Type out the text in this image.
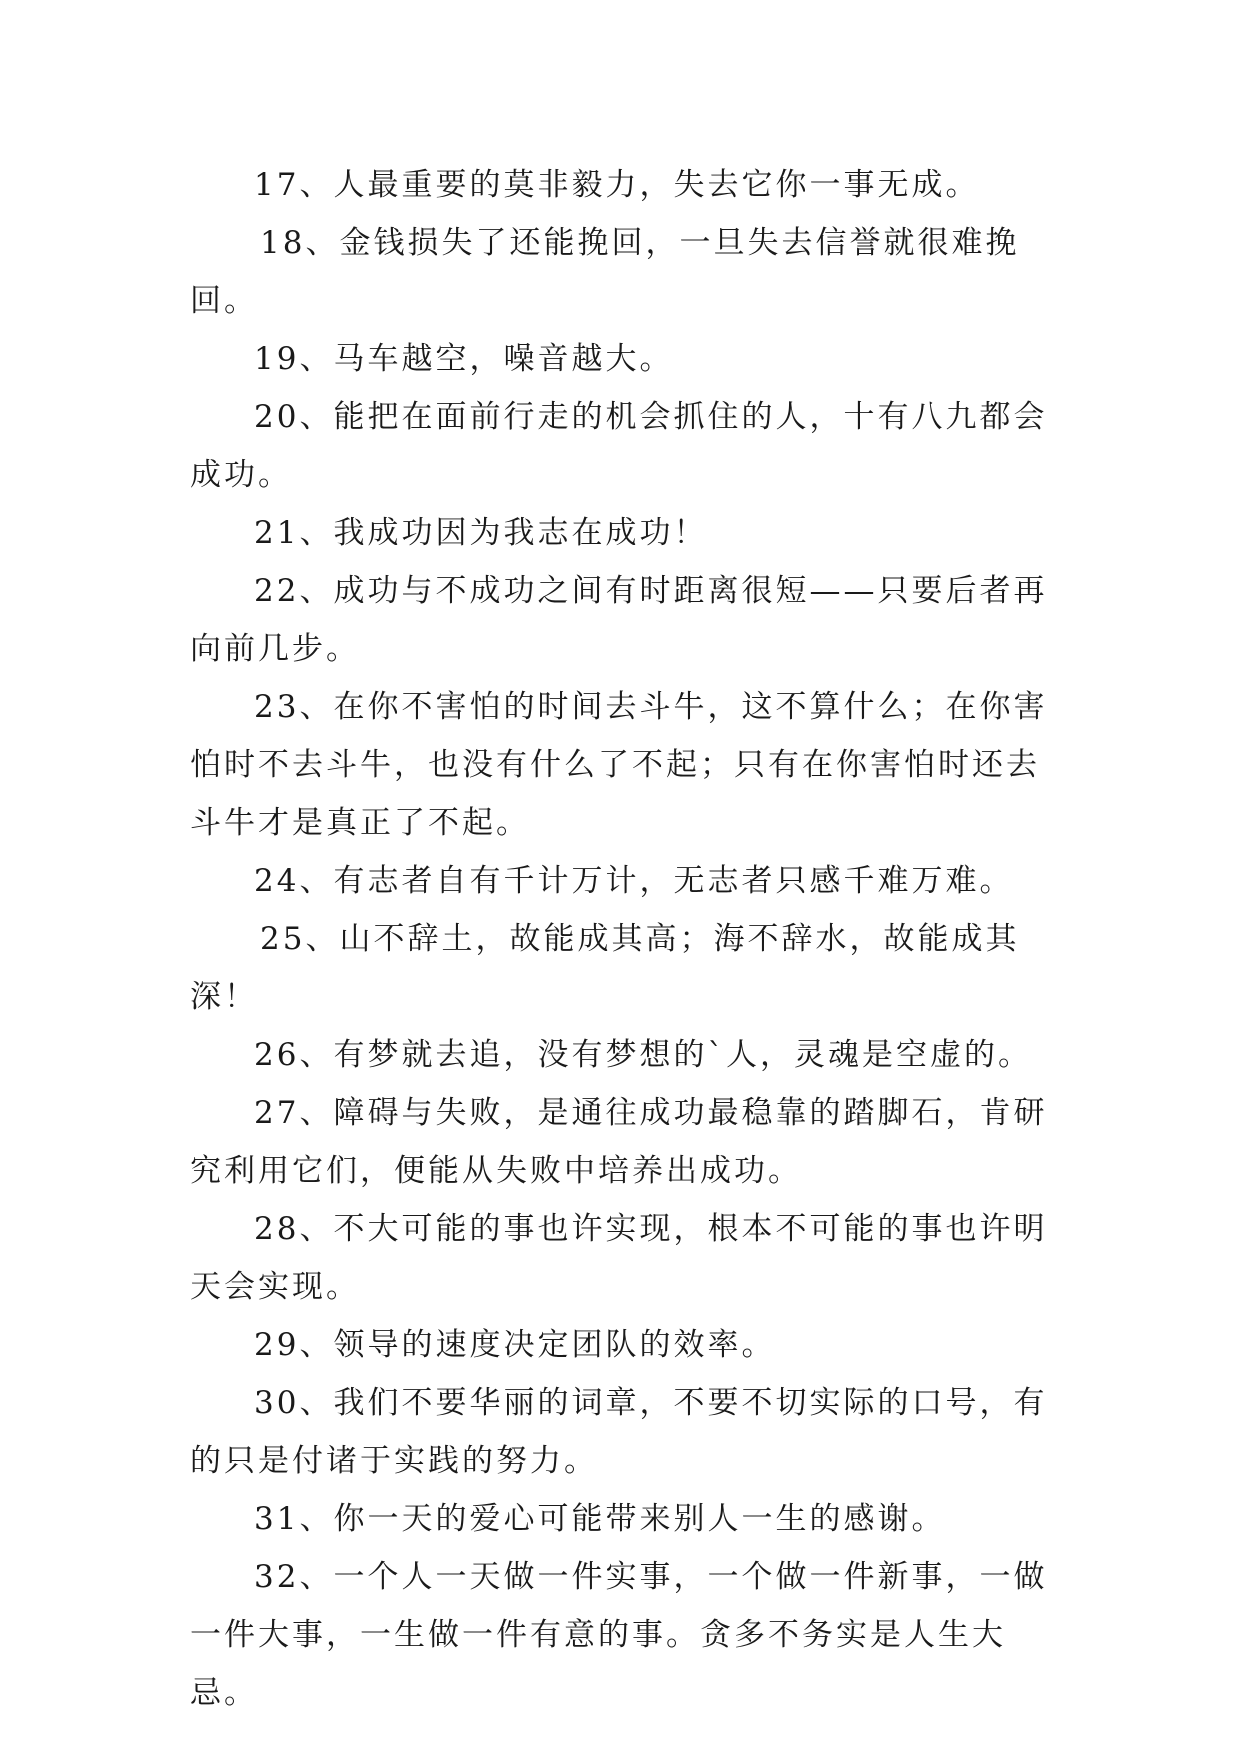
17、人最重要的莫非毅力，失去它你一事无成。

18、金钱损失了还能挽回，一旦失去信誉就很难挽回。

19、马车越空，噪音越大。

20、能把在面前行走的机会抓住的人，十有八九都会成功。

21、我成功因为我志在成功！

22、成功与不成功之间有时距离很短——只要后者再向前几步。

23、在你不害怕的时间去斗牛，这不算什么；在你害怕时不去斗牛，也没有什么了不起；只有在你害怕时还去斗牛才是真正了不起。

24、有志者自有千计万计，无志者只感千难万难。

25、山不辞土，故能成其高；海不辞水，故能成其深！

26、有梦就去追，没有梦想的`人，灵魂是空虚的。

27、障碍与失败，是通往成功最稳靠的踏脚石，肯研究利用它们，便能从失败中培养出成功。

28、不大可能的事也许实现，根本不可能的事也许明天会实现。

29、领导的速度决定团队的效率。

30、我们不要华丽的词章，不要不切实际的口号，有的只是付诸于实践的努力。

31、你一天的爱心可能带来别人一生的感谢。

32、一个人一天做一件实事，一个做一件新事，一做一件大事，一生做一件有意的事。贪多不务实是人生大忌。
